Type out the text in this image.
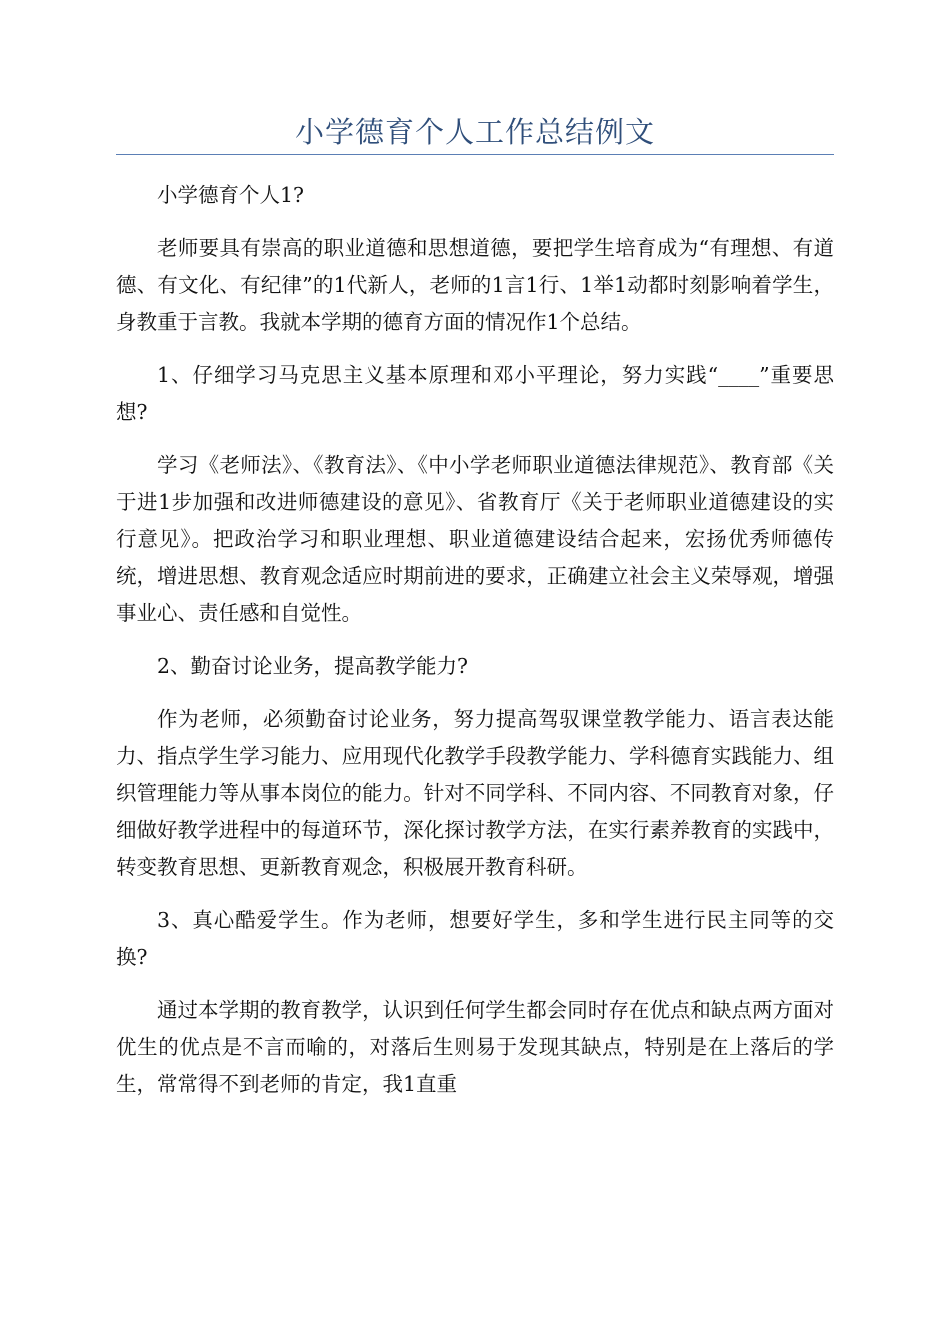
小学德育个人工作总结例文

小学德育个人1?

老师要具有崇高的职业道德和思想道德，要把学生培育成为“有理想、有道德、有文化、有纪律”的1代新人，老师的1言1行、1举1动都时刻影响着学生，身教重于言教。我就本学期的德育方面的情况作1个总结。

1、仔细学习马克思主义基本原理和邓小平理论，努力实践“____”重要思想?

学习《老师法》、《教育法》、《中小学老师职业道德法律规范》、教育部《关于进1步加强和改进师德建设的意见》、省教育厅《关于老师职业道德建设的实行意见》。把政治学习和职业理想、职业道德建设结合起来，宏扬优秀师德传统，增进思想、教育观念适应时期前进的要求，正确建立社会主义荣辱观，增强事业心、责任感和自觉性。

2、勤奋讨论业务，提高教学能力?

作为老师，必须勤奋讨论业务，努力提高驾驭课堂教学能力、语言表达能力、指点学生学习能力、应用现代化教学手段教学能力、学科德育实践能力、组织管理能力等从事本岗位的能力。针对不同学科、不同内容、不同教育对象，仔细做好教学进程中的每道环节，深化探讨教学方法，在实行素养教育的实践中，转变教育思想、更新教育观念，积极展开教育科研。

3、真心酷爱学生。作为老师，想要好学生，多和学生进行民主同等的交换?

通过本学期的教育教学，认识到任何学生都会同时存在优点和缺点两方面对优生的优点是不言而喻的，对落后生则易于发现其缺点，特别是在上落后的学生，常常得不到老师的肯定，我1直重
